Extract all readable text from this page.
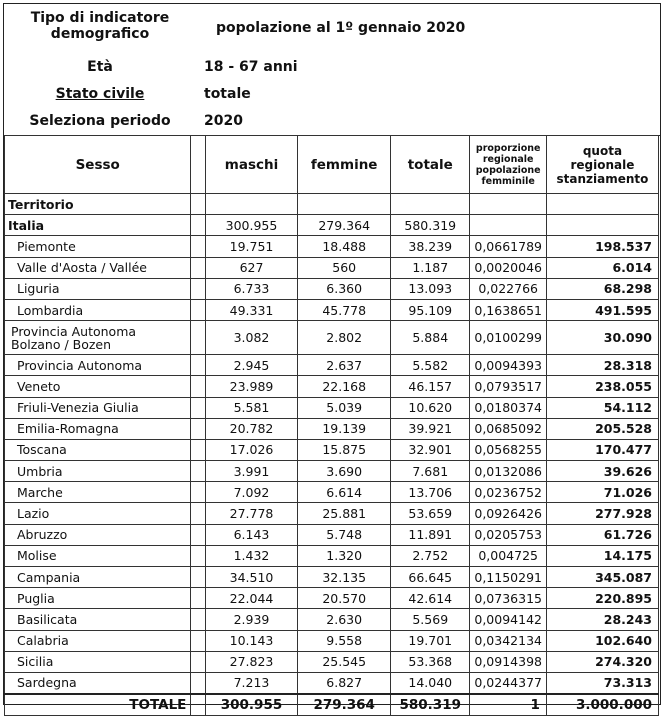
Tipo di indicatore demografico	popolazione al 1º gennaio 2020
Età	18 - 67 anni
Stato civile	totale
Seleziona periodo	2020
Sesso		maschi	femmine	totale	proporzione regionale popolazione femminile	quota regionale stanziamento
Territorio						
Italia		300.955	279.364	580.319		
Piemonte		19.751	18.488	38.239	0,0661789	198.537
Valle d'Aosta / Vallée		627	560	1.187	0,0020046	6.014
Liguria		6.733	6.360	13.093	0,022766	68.298
Lombardia		49.331	45.778	95.109	0,1638651	491.595
Provincia Autonoma Bolzano / Bozen		3.082	2.802	5.884	0,0100299	30.090
Provincia Autonoma		2.945	2.637	5.582	0,0094393	28.318
Veneto		23.989	22.168	46.157	0,0793517	238.055
Friuli-Venezia Giulia		5.581	5.039	10.620	0,0180374	54.112
Emilia-Romagna		20.782	19.139	39.921	0,0685092	205.528
Toscana		17.026	15.875	32.901	0,0568255	170.477
Umbria		3.991	3.690	7.681	0,0132086	39.626
Marche		7.092	6.614	13.706	0,0236752	71.026
Lazio		27.778	25.881	53.659	0,0926426	277.928
Abruzzo		6.143	5.748	11.891	0,0205753	61.726
Molise		1.432	1.320	2.752	0,004725	14.175
Campania		34.510	32.135	66.645	0,1150291	345.087
Puglia		22.044	20.570	42.614	0,0736315	220.895
Basilicata		2.939	2.630	5.569	0,0094142	28.243
Calabria		10.143	9.558	19.701	0,0342134	102.640
Sicilia		27.823	25.545	53.368	0,0914398	274.320
Sardegna		7.213	6.827	14.040	0,0244377	73.313
TOTALE		300.955	279.364	580.319	1	3.000.000
